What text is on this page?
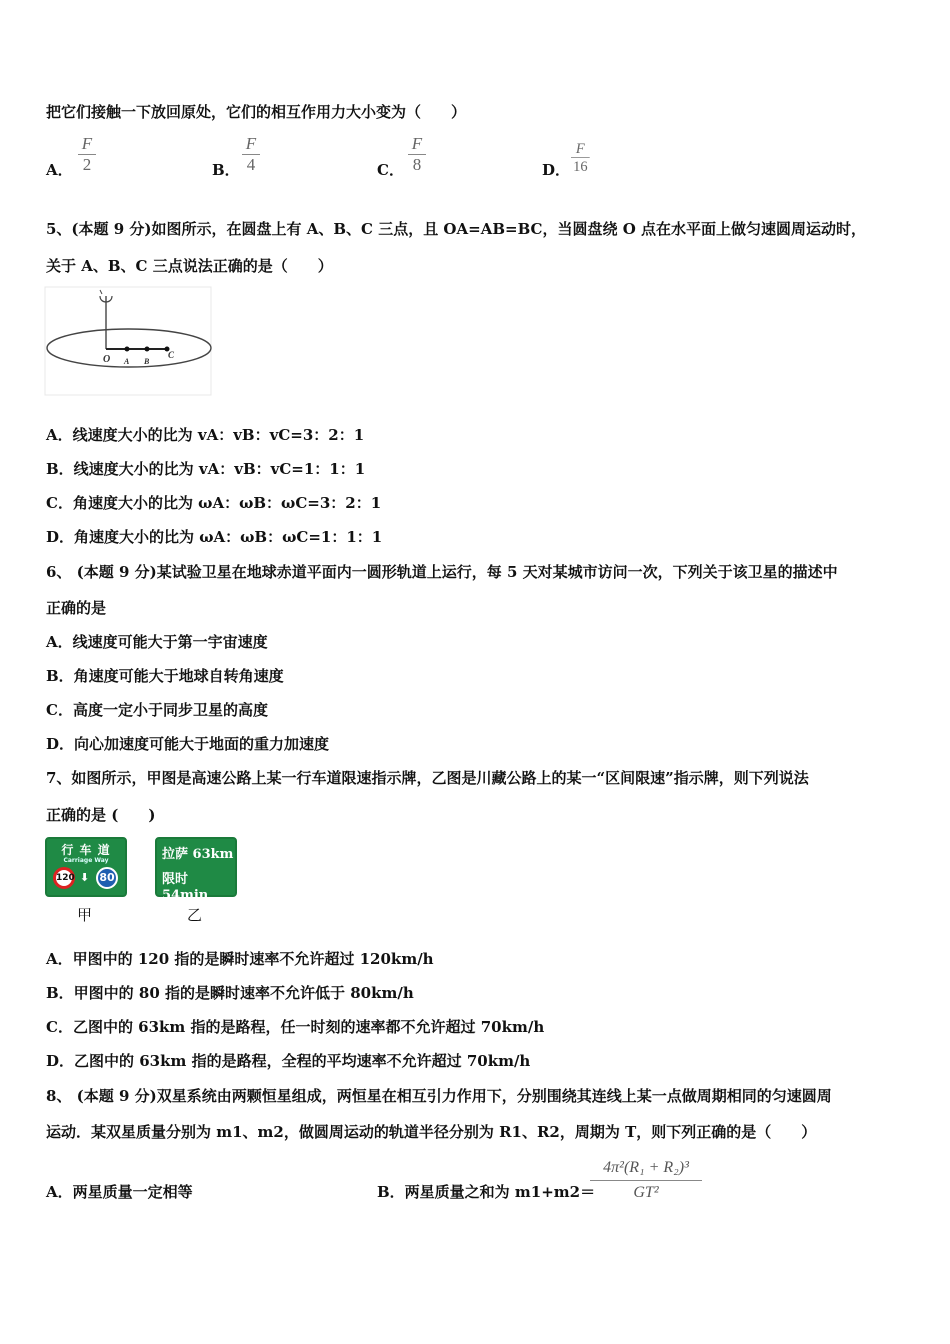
把它们接触一下放回原处，它们的相互作用力大小变为（　　）
A．
F
2	B．
F
4	C．
F
8	D．
F
16
5、(本题 9 分)如图所示，在圆盘上有 A、B、C 三点，且 OA=AB=BC，当圆盘绕 O 点在水平面上做匀速圆周运动时，
关于 A、B、C 三点说法正确的是（　　）
O A B
C
A．线速度大小的比为 vA：vB：vC=3：2：1
B．线速度大小的比为 vA：vB：vC=1：1：1
C．角速度大小的比为 ωA：ωB：ωC=3：2：1
D．角速度大小的比为 ωA：ωB：ωC=1：1：1
6、 (本题 9 分)某试验卫星在地球赤道平面内一圆形轨道上运行，每 5 天对某城市访问一次，下列关于该卫星的描述中
正确的是
A．线速度可能大于第一宇宙速度
B．角速度可能大于地球自转角速度
C．高度一定小于同步卫星的高度
D．向心加速度可能大于地面的重力加速度
7、如图所示，甲图是高速公路上某一行车道限速指示牌，乙图是川藏公路上的某一“区间限速”指示牌，则下列说法
正确的是 (　　)
行 车 道
Carriage Way
120 ⬇ 80
甲
拉萨 63km
限时 54min
乙
A．甲图中的 120 指的是瞬时速率不允许超过 120km/h
B．甲图中的 80 指的是瞬时速率不允许低于 80km/h
C．乙图中的 63km 指的是路程，任一时刻的速率都不允许超过 70km/h
D．乙图中的 63km 指的是路程，全程的平均速率不允许超过 70km/h
8、 (本题 9 分)双星系统由两颗恒星组成，两恒星在相互引力作用下，分别围绕其连线上某一点做周期相同的匀速圆周
运动．某双星质量分别为 m1、m2，做圆周运动的轨道半径分别为 R1、R2，周期为 T，则下列正确的是（　　）
A．两星质量一定相等	B．两星质量之和为 m1+m2＝
4π²(R₁ + R₂)³
GT²
